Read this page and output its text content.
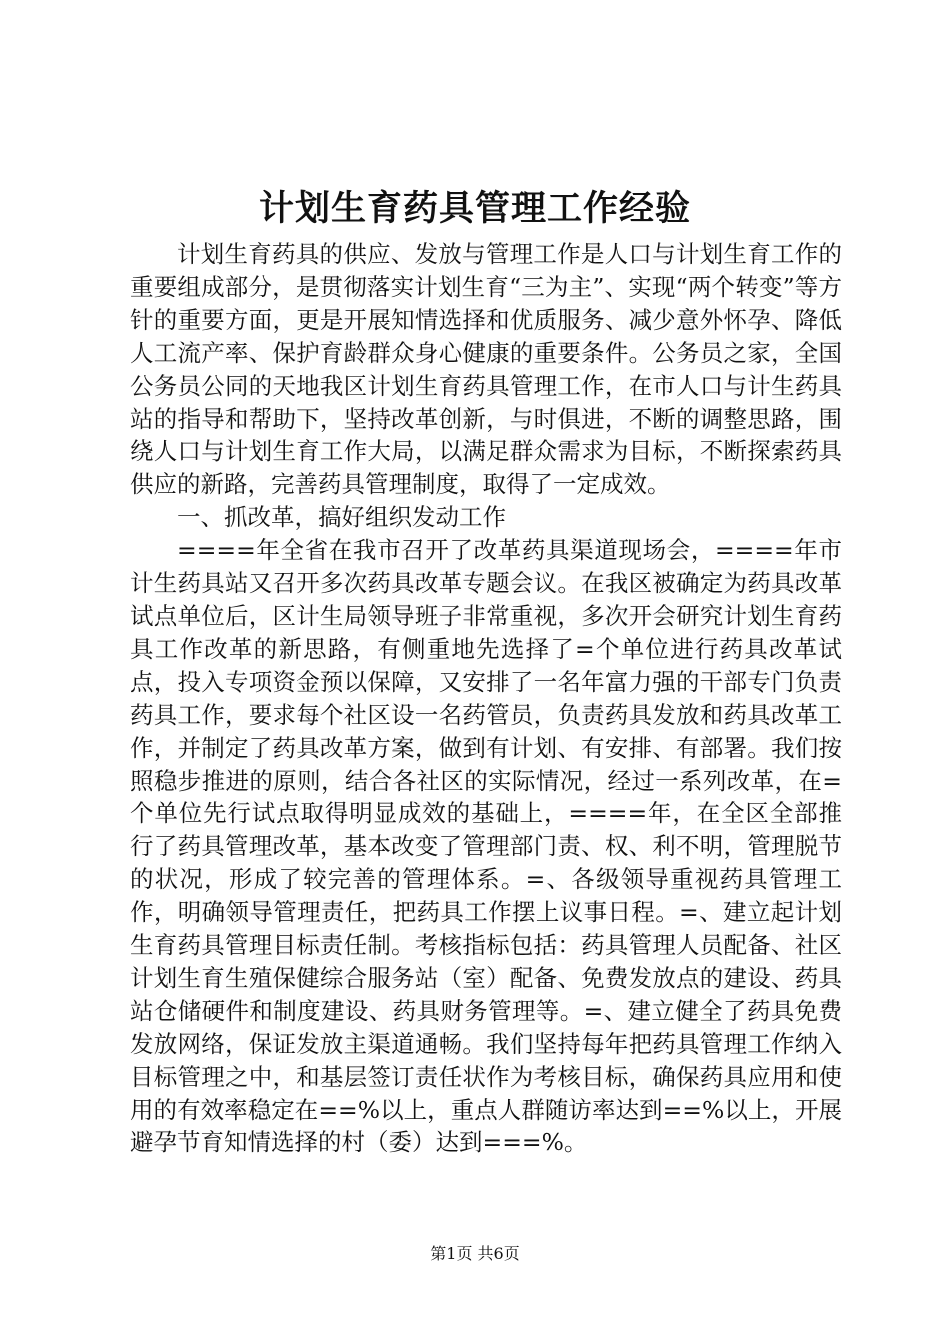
计划生育药具管理工作经验

计划生育药具的供应、发放与管理工作是人口与计划生育工作的重要组成部分，是贯彻落实计划生育“三为主”、实现“两个转变”等方针的重要方面，更是开展知情选择和优质服务、减少意外怀孕、降低人工流产率、保护育龄群众身心健康的重要条件。公务员之家，全国公务员公同的天地我区计划生育药具管理工作，在市人口与计生药具站的指导和帮助下，坚持改革创新，与时俱进，不断的调整思路，围绕人口与计划生育工作大局，以满足群众需求为目标，不断探索药具供应的新路，完善药具管理制度，取得了一定成效。

一、抓改革，搞好组织发动工作

====年全省在我市召开了改革药具渠道现场会，====年市计生药具站又召开多次药具改革专题会议。在我区被确定为药具改革试点单位后，区计生局领导班子非常重视，多次开会研究计划生育药具工作改革的新思路，有侧重地先选择了=个单位进行药具改革试点，投入专项资金预以保障，又安排了一名年富力强的干部专门负责药具工作，要求每个社区设一名药管员，负责药具发放和药具改革工作，并制定了药具改革方案，做到有计划、有安排、有部署。我们按照稳步推进的原则，结合各社区的实际情况，经过一系列改革，在=个单位先行试点取得明显成效的基础上，====年，在全区全部推行了药具管理改革，基本改变了管理部门责、权、利不明，管理脱节的状况，形成了较完善的管理体系。=、各级领导重视药具管理工作，明确领导管理责任，把药具工作摆上议事日程。=、建立起计划生育药具管理目标责任制。考核指标包括：药具管理人员配备、社区计划生育生殖保健综合服务站（室）配备、免费发放点的建设、药具站仓储硬件和制度建设、药具财务管理等。=、建立健全了药具免费发放网络，保证发放主渠道通畅。我们坚持每年把药具管理工作纳入目标管理之中，和基层签订责任状作为考核目标，确保药具应用和使用的有效率稳定在==%以上，重点人群随访率达到==%以上，开展避孕节育知情选择的村（委）达到===%。

第1页 共6页
